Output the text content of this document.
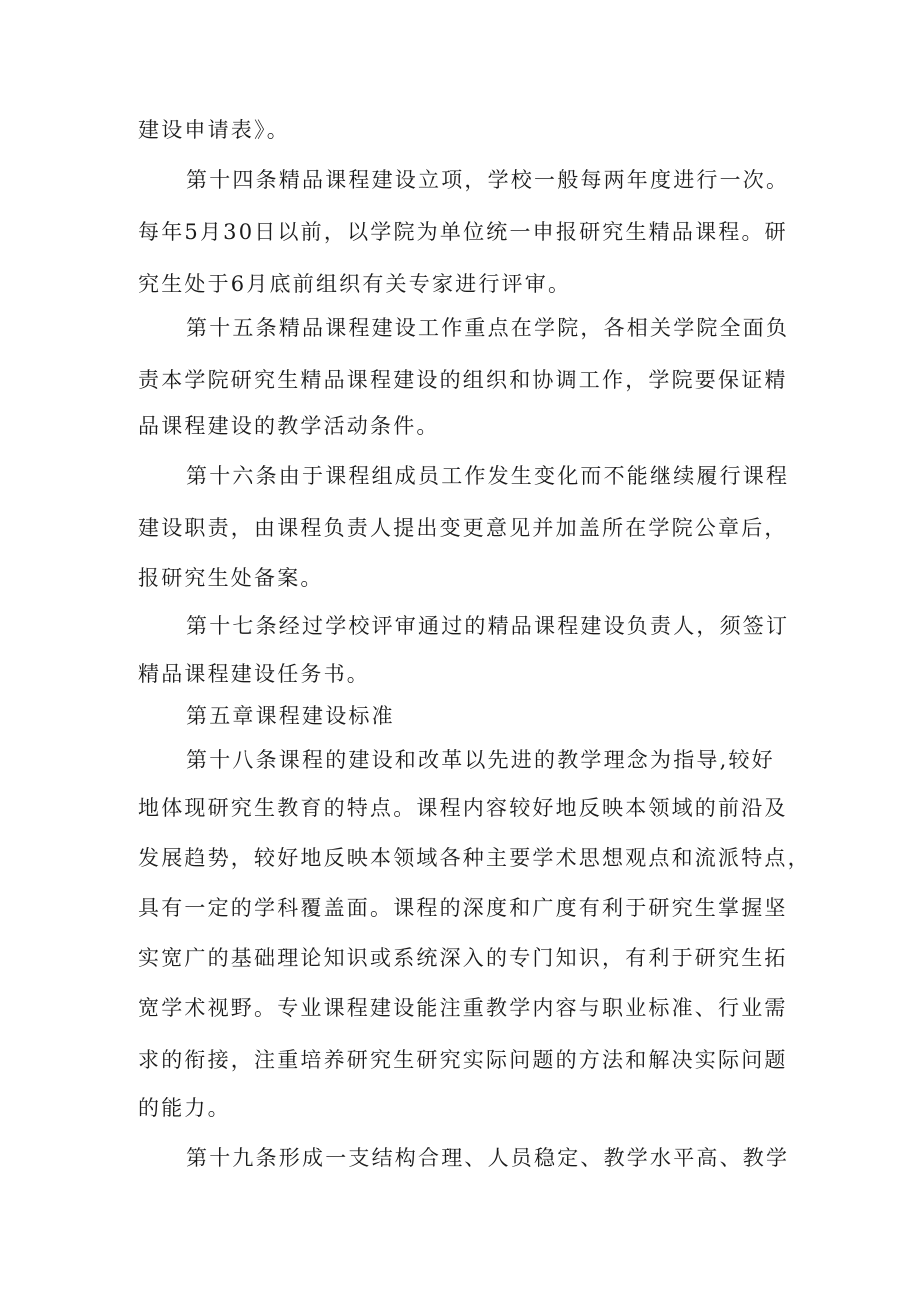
建设申请表》。
第十四条精品课程建设立项，学校一般每两年度进行一次。
每年5月30日以前，以学院为单位统一申报研究生精品课程。研
究生处于6月底前组织有关专家进行评审。
第十五条精品课程建设工作重点在学院，各相关学院全面负
责本学院研究生精品课程建设的组织和协调工作，学院要保证精
品课程建设的教学活动条件。
第十六条由于课程组成员工作发生变化而不能继续履行课程
建设职责，由课程负责人提出变更意见并加盖所在学院公章后，
报研究生处备案。
第十七条经过学校评审通过的精品课程建设负责人，须签订
精品课程建设任务书。
第五章课程建设标准
第十八条课程的建设和改革以先进的教学理念为指导,较好
地体现研究生教育的特点。课程内容较好地反映本领域的前沿及
发展趋势，较好地反映本领域各种主要学术思想观点和流派特点，
具有一定的学科覆盖面。课程的深度和广度有利于研究生掌握坚
实宽广的基础理论知识或系统深入的专门知识，有利于研究生拓
宽学术视野。专业课程建设能注重教学内容与职业标准、行业需
求的衔接，注重培养研究生研究实际问题的方法和解决实际问题
的能力。
第十九条形成一支结构合理、人员稳定、教学水平高、教学
